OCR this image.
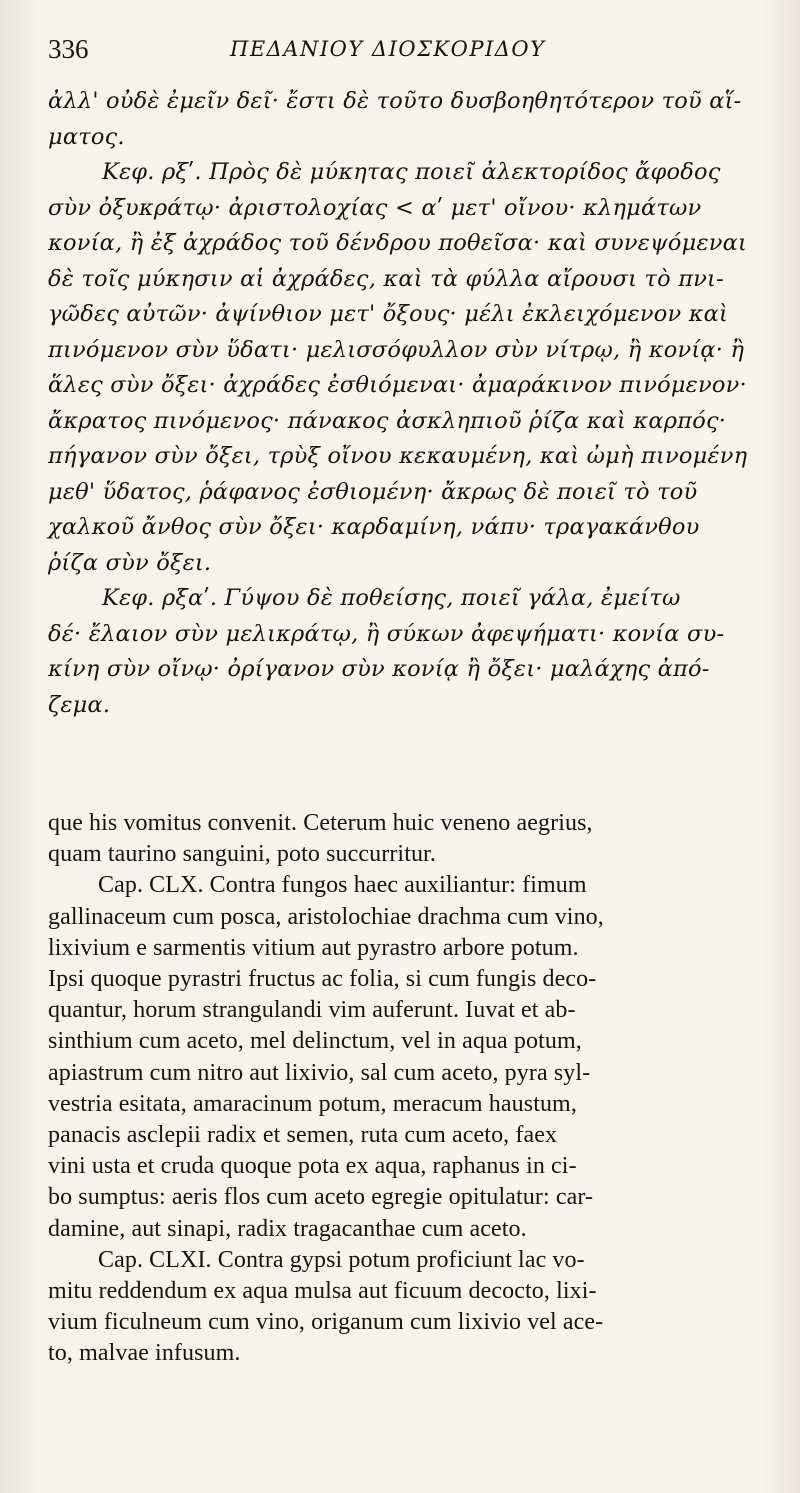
336	ΠΕΔΑΝΙΟΥ ΔΙΟΣΚΟΡΙΔΟΥ
ἀλλ' οὐδὲ ἐμεῖν δεῖ· ἔστι δὲ τοῦτο δυσβοηθητότερον τοῦ αἵ-
ματος.
Κεφ. ρξʹ. Πρὸς δὲ μύκητας ποιεῖ ἀλεκτορίδος ἄφοδος
σὺν ὀξυκράτῳ· ἀριστολοχίας < αʹ μετ' οἴνου· κλημάτων
κονία, ἢ ἐξ ἀχράδος τοῦ δένδρου ποθεῖσα· καὶ συνεψόμεναι
δὲ τοῖς μύκησιν αἱ ἀχράδες, καὶ τὰ φύλλα αἴρουσι τὸ πνι-
γῶδες αὐτῶν· ἀψίνθιον μετ' ὄξους· μέλι ἐκλειχόμενον καὶ
πινόμενον σὺν ὕδατι· μελισσόφυλλον σὺν νίτρῳ, ἢ κονίᾳ· ἢ
ἅλες σὺν ὄξει· ἀχράδες ἐσθιόμεναι· ἀμαράκινον πινόμενον·
ἄκρατος πινόμενος· πάνακος ἀσκληπιοῦ ῥίζα καὶ καρπός·
πήγανον σὺν ὄξει, τρὺξ οἴνου κεκαυμένη, καὶ ὠμὴ πινομένη
μεθ' ὕδατος, ῥάφανος ἐσθιομένη· ἄκρως δὲ ποιεῖ τὸ τοῦ
χαλκοῦ ἄνθος σὺν ὄξει· καρδαμίνη, νάπυ· τραγακάνθου
ῥίζα σὺν ὄξει.
Κεφ. ρξαʹ. Γύψου δὲ ποθείσης, ποιεῖ γάλα, ἐμείτω
δέ· ἔλαιον σὺν μελικράτῳ, ἢ σύκων ἀφεψήματι· κονία συ-
κίνη σὺν οἴνῳ· ὀρίγανον σὺν κονίᾳ ἢ ὄξει· μαλάχης ἀπό-
ζεμα.
que his vomitus convenit. Ceterum huic veneno aegrius,
quam taurino sanguini, poto succurritur.
Cap. CLX. Contra fungos haec auxiliantur: fimum
gallinaceum cum posca, aristolochiae drachma cum vino,
lixivium e sarmentis vitium aut pyrastro arbore potum.
Ipsi quoque pyrastri fructus ac folia, si cum fungis deco-
quantur, horum strangulandi vim auferunt. Iuvat et ab-
sinthium cum aceto, mel delinctum, vel in aqua potum,
apiastrum cum nitro aut lixivio, sal cum aceto, pyra syl-
vestria esitata, amaracinum potum, meracum haustum,
panacis asclepii radix et semen, ruta cum aceto, faex
vini usta et cruda quoque pota ex aqua, raphanus in ci-
bo sumptus: aeris flos cum aceto egregie opitulatur: car-
damine, aut sinapi, radix tragacanthae cum aceto.
Cap. CLXI. Contra gypsi potum proficiunt lac vo-
mitu reddendum ex aqua mulsa aut ficuum decocto, lixi-
vium ficulneum cum vino, origanum cum lixivio vel ace-
to, malvae infusum.
